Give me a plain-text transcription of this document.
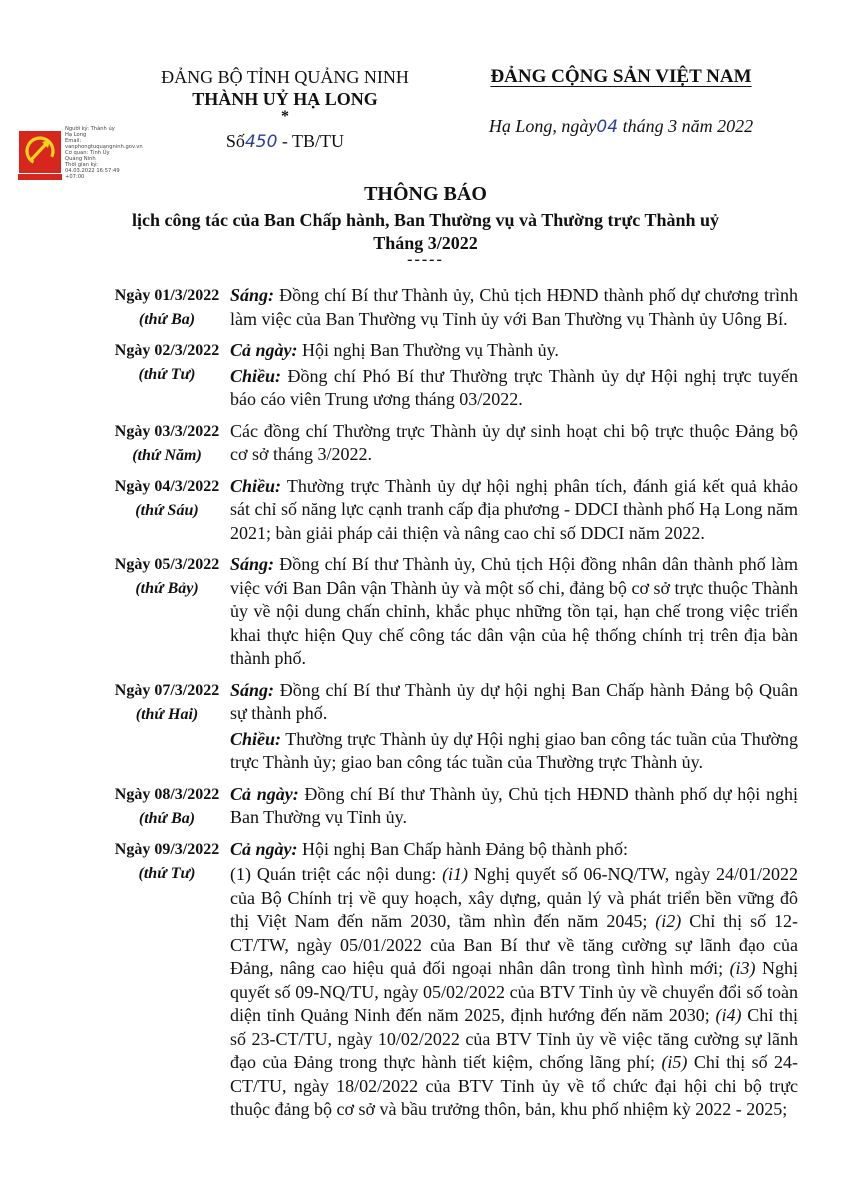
ĐẢNG BỘ TỈNH QUẢNG NINH
THÀNH UỶ HẠ LONG
*
Số450 - TB/TU
ĐẢNG CỘNG SẢN VIỆT NAM
Hạ Long, ngày04 tháng 3 năm 2022
Người ký: Thành ủy Hạ Long
Email: vanphongtuquangninh.gov.vn
Cơ quan: Tỉnh Ủy Quảng Ninh
Thời gian ký:
04.03.2022 16:57:49 +07:00
THÔNG BÁO
lịch công tác của Ban Chấp hành, Ban Thường vụ và Thường trực Thành uỷ
Tháng 3/2022
-----
Ngày 01/3/2022
(thứ Ba)

Sáng: Đồng chí Bí thư Thành ủy, Chủ tịch HĐND thành phố dự chương trình làm việc của Ban Thường vụ Tỉnh ủy với Ban Thường vụ Thành ủy Uông Bí.

Ngày 02/3/2022
(thứ Tư)

Cả ngày: Hội nghị Ban Thường vụ Thành ủy.

Chiều: Đồng chí Phó Bí thư Thường trực Thành ủy dự Hội nghị trực tuyến báo cáo viên Trung ương tháng 03/2022.

Ngày 03/3/2022
(thứ Năm)

Các đồng chí Thường trực Thành ủy dự sinh hoạt chi bộ trực thuộc Đảng bộ cơ sở tháng 3/2022.

Ngày 04/3/2022
(thứ Sáu)

Chiều: Thường trực Thành ủy dự hội nghị phân tích, đánh giá kết quả khảo sát chỉ số năng lực cạnh tranh cấp địa phương - DDCI thành phố Hạ Long năm 2021; bàn giải pháp cải thiện và nâng cao chỉ số DDCI năm 2022.

Ngày 05/3/2022
(thứ Bảy)

Sáng: Đồng chí Bí thư Thành ủy, Chủ tịch Hội đồng nhân dân thành phố làm việc với Ban Dân vận Thành ủy và một số chi, đảng bộ cơ sở trực thuộc Thành ủy về nội dung chấn chỉnh, khắc phục những tồn tại, hạn chế trong việc triển khai thực hiện Quy chế công tác dân vận của hệ thống chính trị trên địa bàn thành phố.

Ngày 07/3/2022
(thứ Hai)

Sáng: Đồng chí Bí thư Thành ủy dự hội nghị Ban Chấp hành Đảng bộ Quân sự thành phố.

Chiều: Thường trực Thành ủy dự Hội nghị giao ban công tác tuần của Thường trực Thành ủy; giao ban công tác tuần của Thường trực Thành ủy.

Ngày 08/3/2022
(thứ Ba)

Cả ngày: Đồng chí Bí thư Thành ủy, Chủ tịch HĐND thành phố dự hội nghị Ban Thường vụ Tỉnh ủy.

Ngày 09/3/2022
(thứ Tư)

Cả ngày: Hội nghị Ban Chấp hành Đảng bộ thành phố:

(1) Quán triệt các nội dung: (i1) Nghị quyết số 06-NQ/TW, ngày 24/01/2022 của Bộ Chính trị về quy hoạch, xây dựng, quản lý và phát triển bền vững đô thị Việt Nam đến năm 2030, tầm nhìn đến năm 2045; (i2) Chỉ thị số 12-CT/TW, ngày 05/01/2022 của Ban Bí thư về tăng cường sự lãnh đạo của Đảng, nâng cao hiệu quả đối ngoại nhân dân trong tình hình mới; (i3) Nghị quyết số 09-NQ/TU, ngày 05/02/2022 của BTV Tỉnh ủy về chuyển đổi số toàn diện tỉnh Quảng Ninh đến năm 2025, định hướng đến năm 2030; (i4) Chỉ thị số 23-CT/TU, ngày 10/02/2022 của BTV Tỉnh ủy về việc tăng cường sự lãnh đạo của Đảng trong thực hành tiết kiệm, chống lãng phí; (i5) Chỉ thị số 24-CT/TU, ngày 18/02/2022 của BTV Tỉnh ủy về tổ chức đại hội chi bộ trực thuộc đảng bộ cơ sở và bầu trưởng thôn, bản, khu phố nhiệm kỳ 2022 - 2025;
